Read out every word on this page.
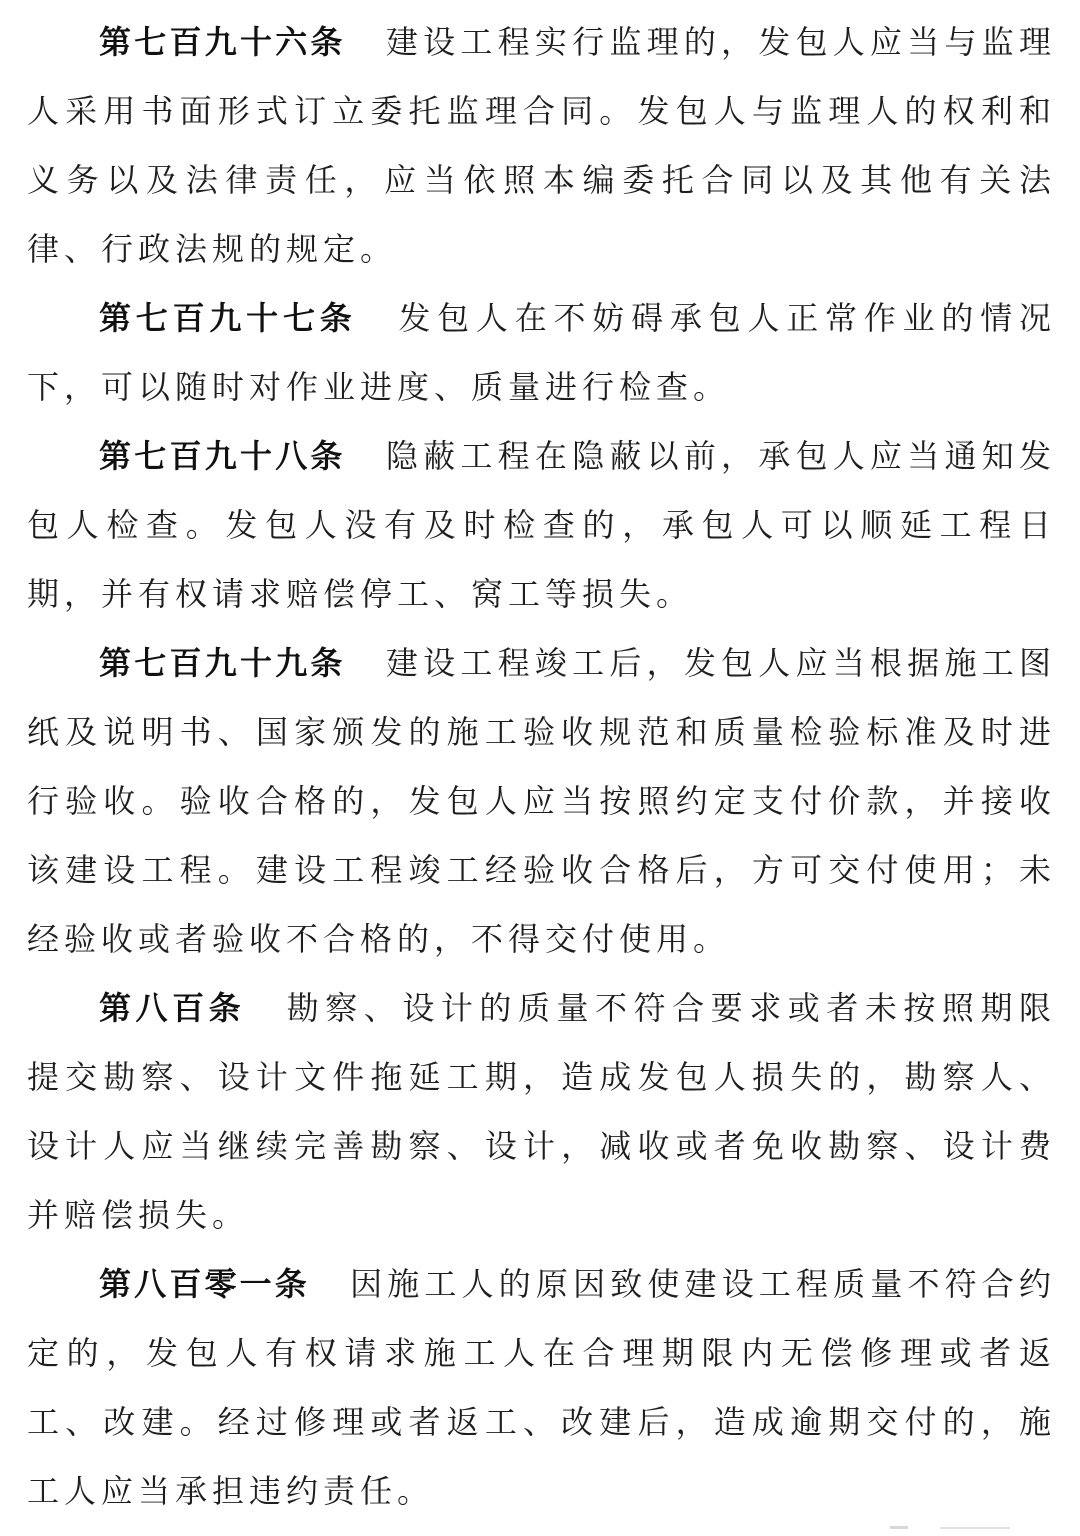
第七百九十六条 建设工程实行监理的，发包人应当与监理人采用书面形式订立委托监理合同。发包人与监理人的权利和义务以及法律责任，应当依照本编委托合同以及其他有关法律、行政法规的规定。

第七百九十七条 发包人在不妨碍承包人正常作业的情况下，可以随时对作业进度、质量进行检查。

第七百九十八条 隐蔽工程在隐蔽以前，承包人应当通知发包人检查。发包人没有及时检查的，承包人可以顺延工程日期，并有权请求赔偿停工、窝工等损失。

第七百九十九条 建设工程竣工后，发包人应当根据施工图纸及说明书、国家颁发的施工验收规范和质量检验标准及时进行验收。验收合格的，发包人应当按照约定支付价款，并接收该建设工程。建设工程竣工经验收合格后，方可交付使用；未经验收或者验收不合格的，不得交付使用。

第八百条 勘察、设计的质量不符合要求或者未按照期限提交勘察、设计文件拖延工期，造成发包人损失的，勘察人、设计人应当继续完善勘察、设计，减收或者免收勘察、设计费并赔偿损失。

第八百零一条 因施工人的原因致使建设工程质量不符合约定的，发包人有权请求施工人在合理期限内无偿修理或者返工、改建。经过修理或者返工、改建后，造成逾期交付的，施工人应当承担违约责任。
